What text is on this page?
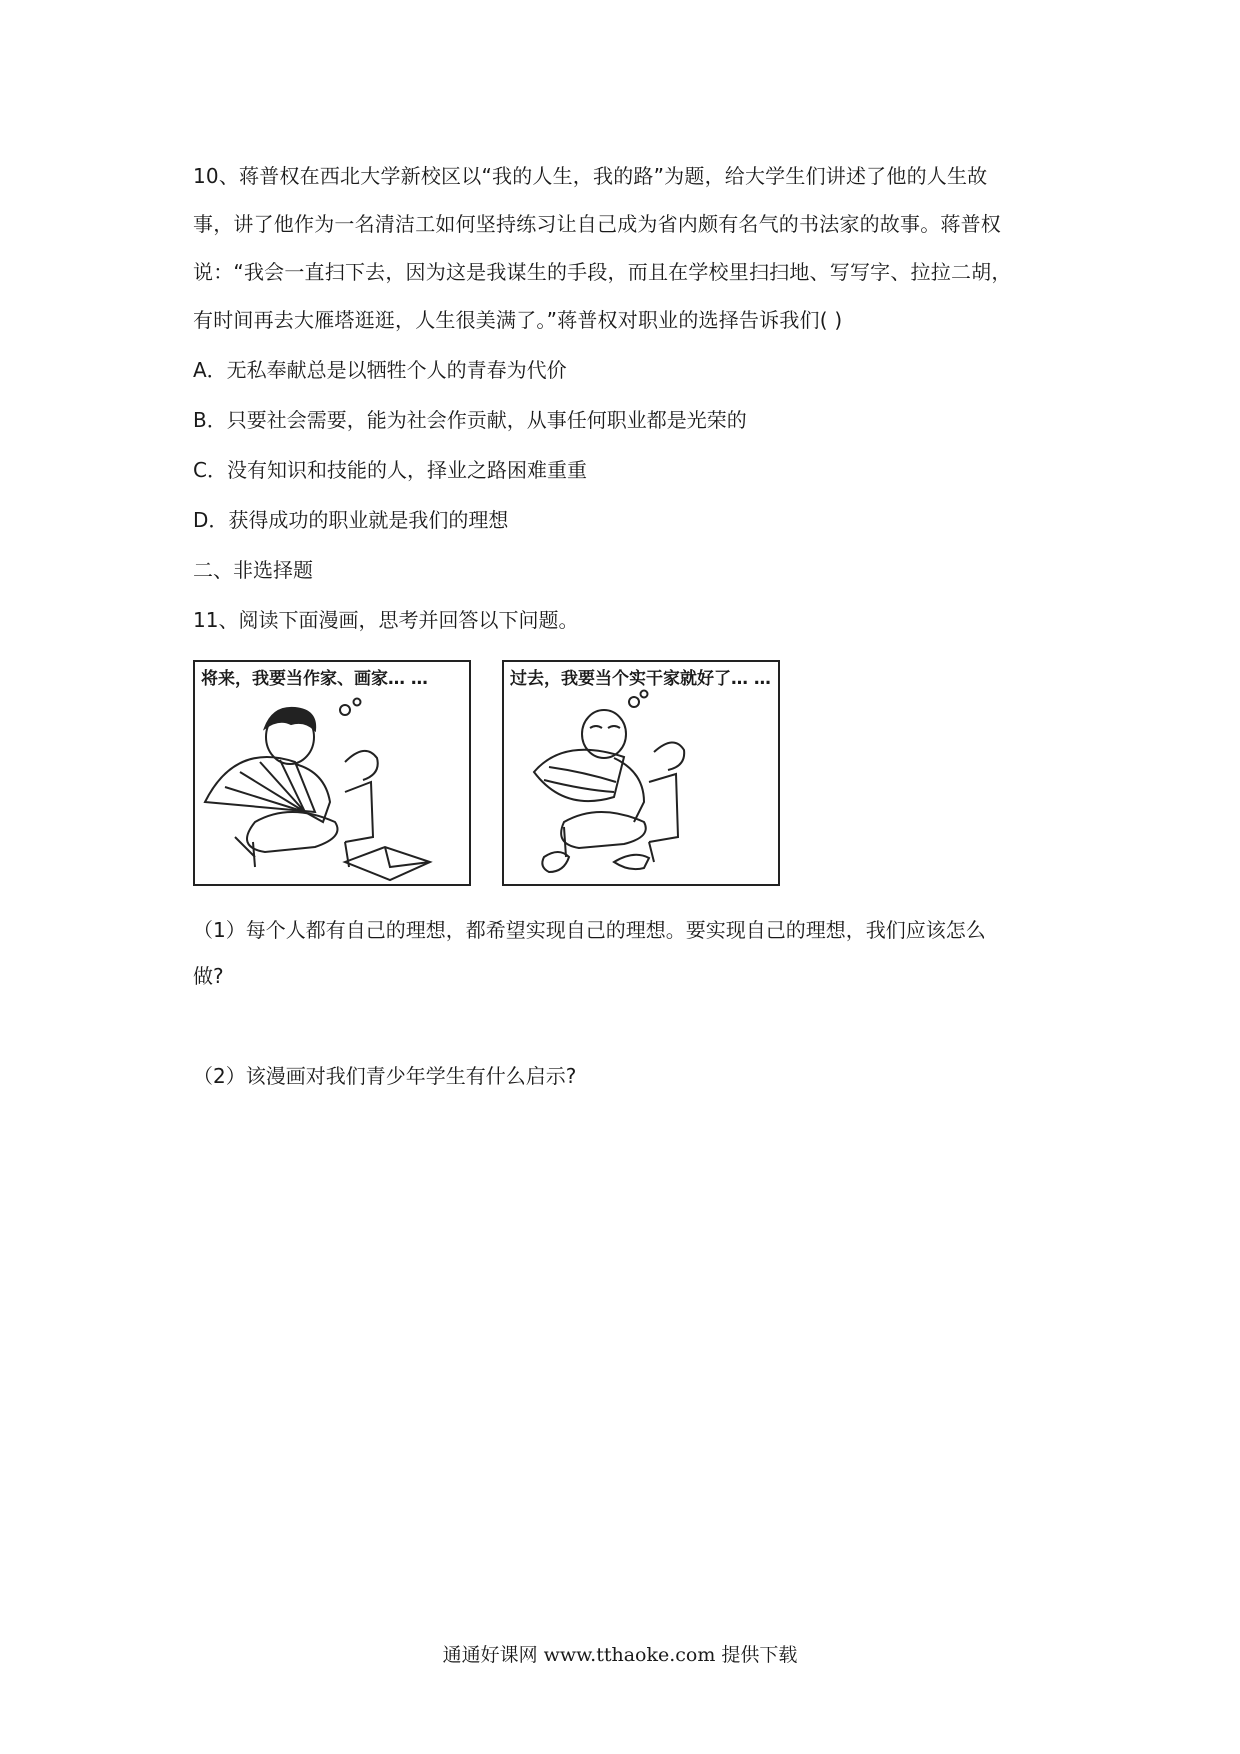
10、蒋普权在西北大学新校区以“我的人生，我的路”为题，给大学生们讲述了他的人生故
事，讲了他作为一名清洁工如何坚持练习让自己成为省内颇有名气的书法家的故事。蒋普权
说：“我会一直扫下去，因为这是我谋生的手段，而且在学校里扫扫地、写写字、拉拉二胡，
有时间再去大雁塔逛逛，人生很美满了。”蒋普权对职业的选择告诉我们( )
A．无私奉献总是以牺牲个人的青春为代价
B．只要社会需要，能为社会作贡献，从事任何职业都是光荣的
C．没有知识和技能的人，择业之路困难重重
D．获得成功的职业就是我们的理想
二、非选择题
11、阅读下面漫画，思考并回答以下问题。
将来，我要当作家、画家… …	过去，我要当个实干家就好了… …
（1）每个人都有自己的理想，都希望实现自己的理想。要实现自己的理想，我们应该怎么
做?
（2）该漫画对我们青少年学生有什么启示?
通通好课网 www.tthaoke.com 提供下载
